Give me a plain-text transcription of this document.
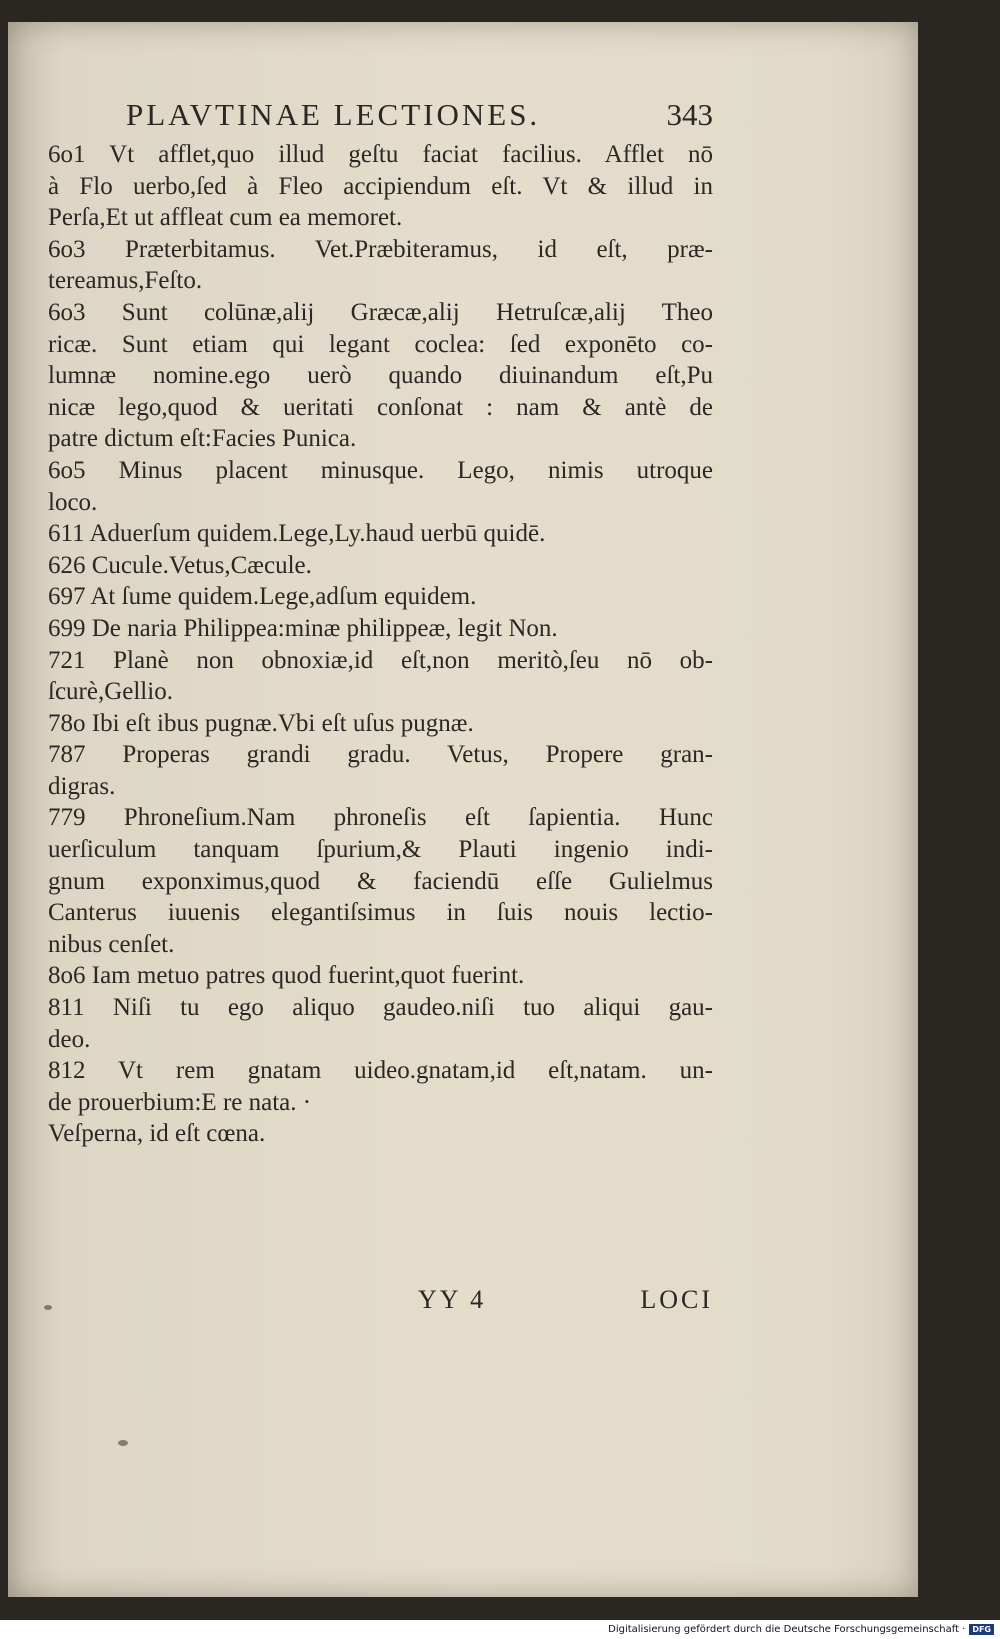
PLAVTINAE LECTIONES.	343
6o1 Vt afflet,quo illud geſtu faciat facilius. Afflet nō
à Flo uerbo,ſed à Fleo accipiendum eſt. Vt & illud in
Perſa,Et ut affleat cum ea memoret.
6o3 Præterbitamus. Vet.Præbiteramus, id eſt, præ-
tereamus,Feſto.
6o3 Sunt colūnæ,alij Græcæ,alij Hetruſcæ,alij Theo
ricæ. Sunt etiam qui legant coclea: ſed exponēto co-
lumnæ nomine.ego uerò quando diuinandum eſt,Pu
nicæ lego,quod & ueritati conſonat : nam & antè de
patre dictum eſt:Facies Punica.
6o5 Minus placent minusque. Lego, nimis utroque
loco.
611 Aduerſum quidem.Lege,Ly.haud uerbū quidē.
626 Cucule.Vetus,Cæcule.
697 At ſume quidem.Lege,adſum equidem.
699 De naria Philippea:minæ philippeæ, legit Non.
721 Planè non obnoxiæ,id eſt,non meritò,ſeu nō ob-
ſcurè,Gellio.
78o Ibi eſt ibus pugnæ.Vbi eſt uſus pugnæ.
787 Properas grandi gradu. Vetus, Propere gran-
digras.
779 Phroneſium.Nam phroneſis eſt ſapientia. Hunc
uerſiculum tanquam ſpurium,& Plauti ingenio indi-
gnum exponximus,quod & faciendū eſſe Gulielmus
Canterus iuuenis elegantiſsimus in ſuis nouis lectio-
nibus cenſet.
8o6 Iam metuo patres quod fuerint,quot fuerint.
811 Niſi tu ego aliquo gaudeo.niſi tuo aliqui gau-
deo.
812 Vt rem gnatam uideo.gnatam,id eſt,natam. un-
de prouerbium:E re nata. ·
Veſperna, id eſt cœna.
YY 4	LOCI
Digitalisierung gefördert durch die Deutsche Forschungsgemeinschaft · DFG
